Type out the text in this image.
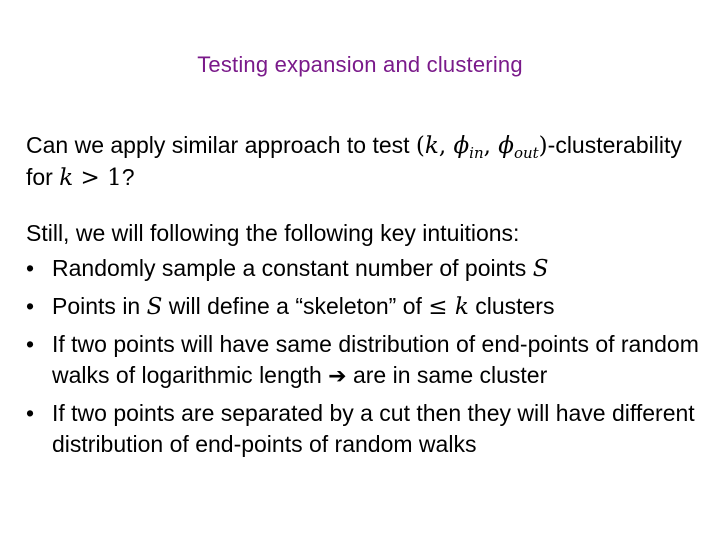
Testing expansion and clustering

Can we apply similar approach to test (k, $\phi_{in}$, $\phi_{out}$)-clusterability for k > 1?

Still, we will following the following key intuitions:

• Randomly sample a constant number of points S
• Points in S will define a “skeleton” of ≤ k clusters
• If two points will have same distribution of end-points of random walks of logarithmic length ➔ are in same cluster
• If two points are separated by a cut then they will have different distribution of end-points of random walks
